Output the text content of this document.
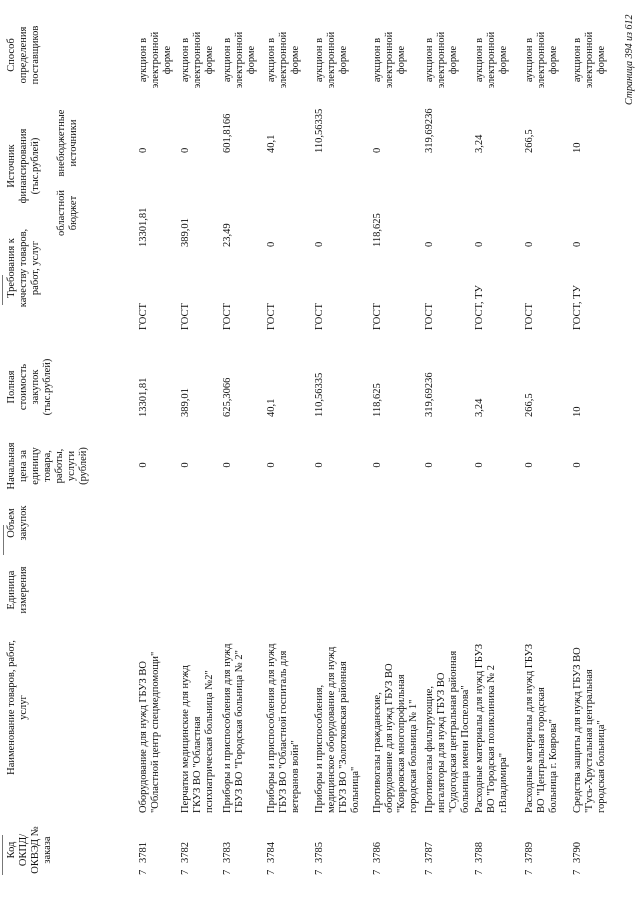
Код ОКПД/ ОКВЭД № заказа
Наименование товаров, работ, услуг
Единица измерения
Объем закупок
Начальная цена за единицу товара, работы, услуги (рублей)
Полная стоимость закупок (тыс.рублей)
Требования к качеству товаров, работ, услуг
Источник финансирования (тыс.рублей)
областной бюджет
внебюджетные источники
Способ определения поставщиков
7
3781
Оборудование для нужд ГБУЗ ВО "Областной центр спецмедпомощи"
0
13301,81
ГОСТ
13301,81
0
аукцион в электронной форме
7
3782
Перчатки медицинские для нужд ГКУЗ ВО "Областная психиатрическая больница №2"
0
389,01
ГОСТ
389,01
0
аукцион в электронной форме
7
3783
Приборы и приспособления для нужд ГБУЗ ВО "Городская больница № 2"
0
625,3066
ГОСТ
23,49
601,8166
аукцион в электронной форме
7
3784
Приборы и приспособления для нужд ГБУЗ ВО "Областной госпиталь для ветеранов войн"
0
40,1
ГОСТ
0
40,1
аукцион в электронной форме
7
3785
Приборы и приспособления, медицинское оборудование для нужд ГБУЗ ВО "Золотковская районная больница"
0
110,56335
ГОСТ
0
110,56335
аукцион в электронной форме
7
3786
Противогазы гражданские, оборудование для нужд ГБУЗ ВО "Ковровская многопрофильная городская больница № 1"
0
118,625
ГОСТ
118,625
0
аукцион в электронной форме
7
3787
Противогазы фильтрующие, ингаляторы для нужд ГБУЗ ВО "Судогодская центральная районная больница имени Поспелова"
0
319,69236
ГОСТ
0
319,69236
аукцион в электронной форме
7
3788
Расходные материалы для нужд ГБУЗ ВО "Городская поликлиника № 2 г.Владимира"
0
3,24
ГОСТ, ТУ
0
3,24
аукцион в электронной форме
7
3789
Расходные материалы для нужд ГБУЗ ВО "Центральная городская больница г. Коврова"
0
266,5
ГОСТ
0
266,5
аукцион в электронной форме
7
3790
Средства защиты для нужд ГБУЗ ВО "Гусь-Хрустальная центральная городская больница"
0
10
ГОСТ, ТУ
0
10
аукцион в электронной форме Страница 394 из 612
